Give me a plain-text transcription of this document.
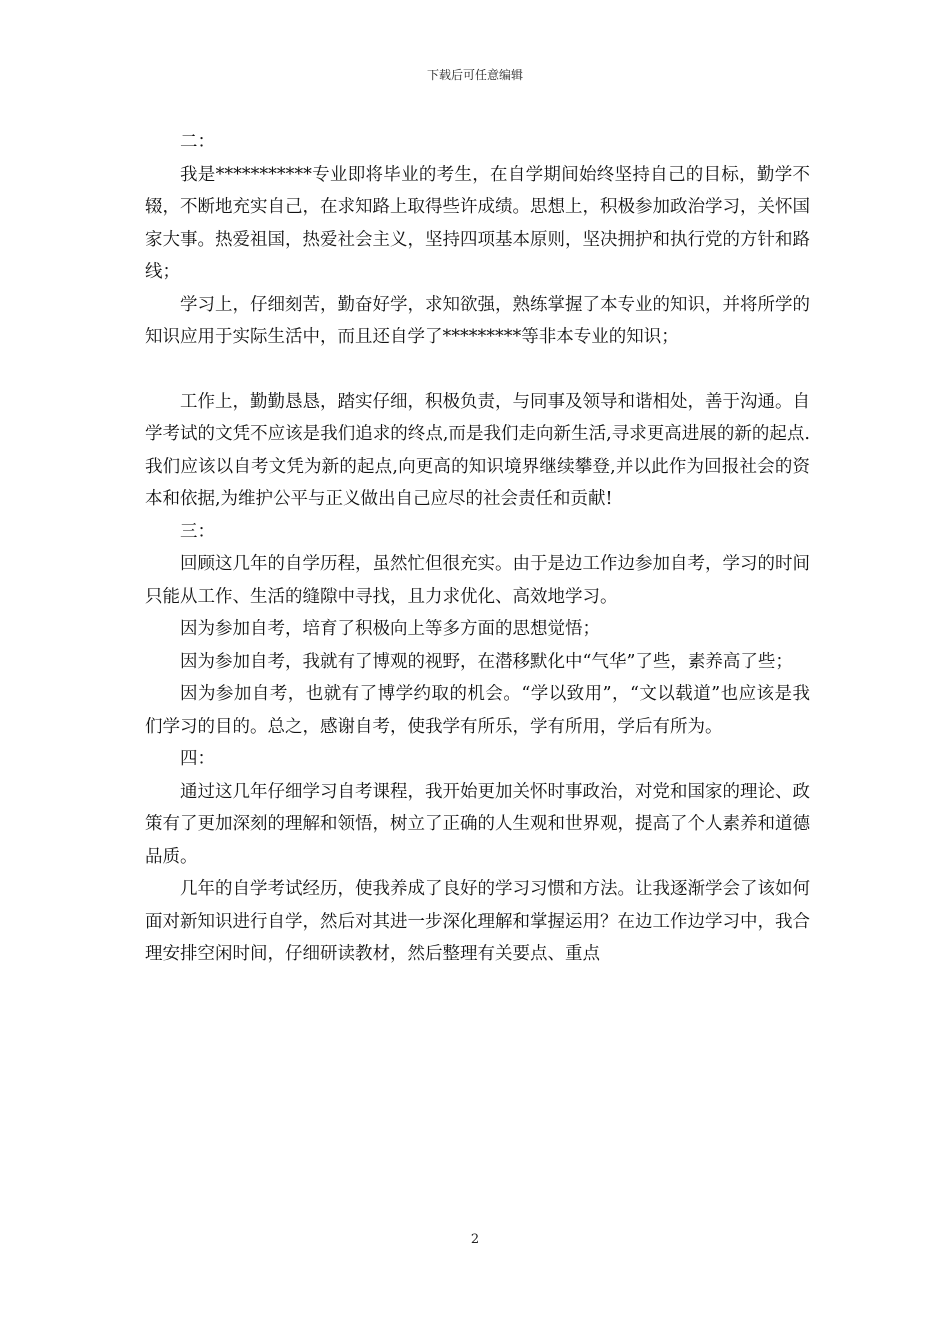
下载后可任意编辑

二：

我是***********专业即将毕业的考生，在自学期间始终坚持自己的目标，勤学不辍，不断地充实自己，在求知路上取得些许成绩。思想上，积极参加政治学习，关怀国家大事。热爱祖国，热爱社会主义，坚持四项基本原则，坚决拥护和执行党的方针和路线；

学习上，仔细刻苦，勤奋好学，求知欲强，熟练掌握了本专业的知识，并将所学的知识应用于实际生活中，而且还自学了*********等非本专业的知识；

工作上，勤勤恳恳，踏实仔细，积极负责，与同事及领导和谐相处，善于沟通。自学考试的文凭不应该是我们追求的终点,而是我们走向新生活,寻求更高进展的新的起点.我们应该以自考文凭为新的起点,向更高的知识境界继续攀登,并以此作为回报社会的资本和依据,为维护公平与正义做出自己应尽的社会责任和贡献!

三：

回顾这几年的自学历程，虽然忙但很充实。由于是边工作边参加自考，学习的时间只能从工作、生活的缝隙中寻找，且力求优化、高效地学习。

因为参加自考，培育了积极向上等多方面的思想觉悟；

因为参加自考，我就有了博观的视野，在潜移默化中“气华”了些，素养高了些；

因为参加自考，也就有了博学约取的机会。“学以致用”，“文以载道”也应该是我们学习的目的。总之，感谢自考，使我学有所乐，学有所用，学后有所为。

四：

通过这几年仔细学习自考课程，我开始更加关怀时事政治，对党和国家的理论、政策有了更加深刻的理解和领悟，树立了正确的人生观和世界观，提高了个人素养和道德品质。

几年的自学考试经历，使我养成了良好的学习习惯和方法。让我逐渐学会了该如何面对新知识进行自学，然后对其进一步深化理解和掌握运用？在边工作边学习中，我合理安排空闲时间，仔细研读教材，然后整理有关要点、重点

2
